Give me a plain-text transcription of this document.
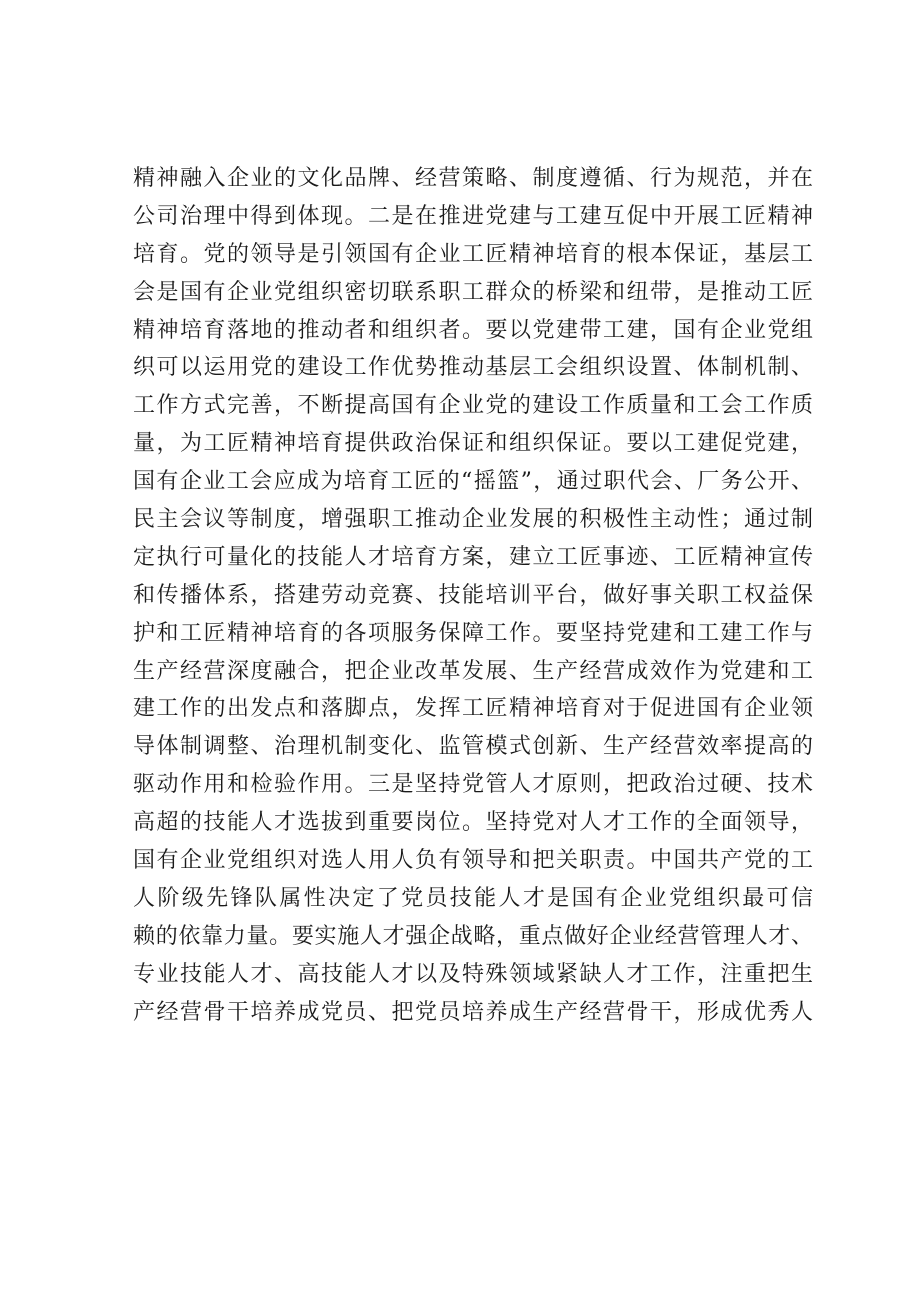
精神融入企业的文化品牌、经营策略、制度遵循、行为规范，并在
公司治理中得到体现。二是在推进党建与工建互促中开展工匠精神
培育。党的领导是引领国有企业工匠精神培育的根本保证，基层工
会是国有企业党组织密切联系职工群众的桥梁和纽带，是推动工匠
精神培育落地的推动者和组织者。要以党建带工建，国有企业党组
织可以运用党的建设工作优势推动基层工会组织设置、体制机制、
工作方式完善，不断提高国有企业党的建设工作质量和工会工作质
量，为工匠精神培育提供政治保证和组织保证。要以工建促党建，
国有企业工会应成为培育工匠的“摇篮”，通过职代会、厂务公开、
民主会议等制度，增强职工推动企业发展的积极性主动性；通过制
定执行可量化的技能人才培育方案，建立工匠事迹、工匠精神宣传
和传播体系，搭建劳动竞赛、技能培训平台，做好事关职工权益保
护和工匠精神培育的各项服务保障工作。要坚持党建和工建工作与
生产经营深度融合，把企业改革发展、生产经营成效作为党建和工
建工作的出发点和落脚点，发挥工匠精神培育对于促进国有企业领
导体制调整、治理机制变化、监管模式创新、生产经营效率提高的
驱动作用和检验作用。三是坚持党管人才原则，把政治过硬、技术
高超的技能人才选拔到重要岗位。坚持党对人才工作的全面领导，
国有企业党组织对选人用人负有领导和把关职责。中国共产党的工
人阶级先锋队属性决定了党员技能人才是国有企业党组织最可信
赖的依靠力量。要实施人才强企战略，重点做好企业经营管理人才、
专业技能人才、高技能人才以及特殊领域紧缺人才工作，注重把生
产经营骨干培养成党员、把党员培养成生产经营骨干，形成优秀人
